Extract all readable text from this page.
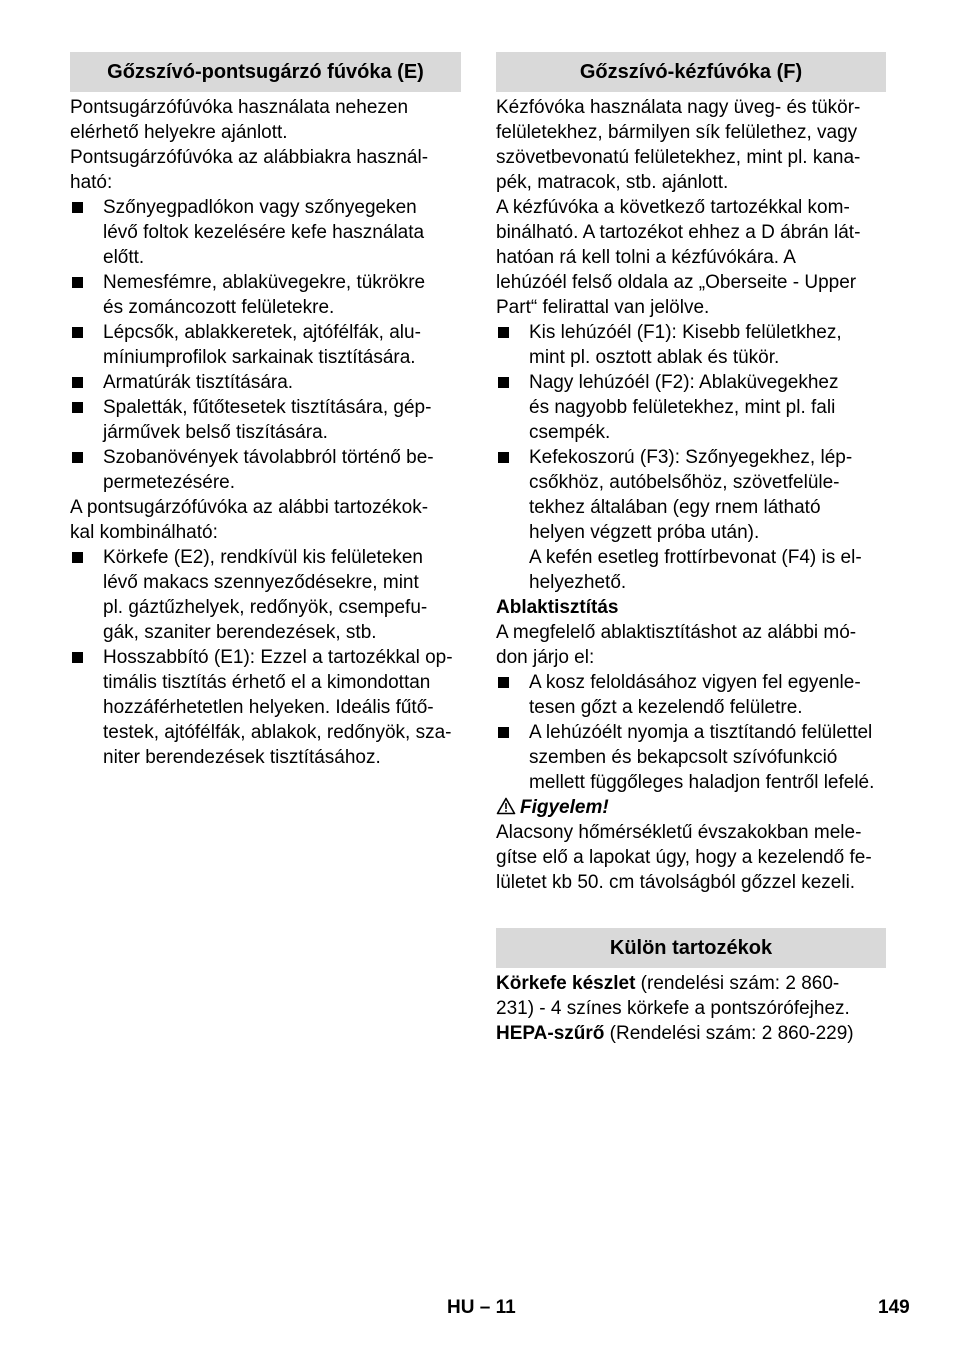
Gőzszívó-pontsugárzó fúvóka (E)
Pontsugárzófúvóka használata nehezen
elérhető helyekre ajánlott.
Pontsugárzófúvóka az alábbiakra használ-
ható:
Szőnyegpadlókon vagy szőnyegeken
lévő foltok kezelésére kefe használata
előtt.
Nemesfémre, ablaküvegekre, tükrökre
és zománcozott felületekre.
Lépcsők, ablakkeretek, ajtófélfák, alu-
míniumprofilok sarkainak tisztítására.
Armatúrák tisztítására.
Spaletták, fűtőtesetek tisztítására, gép-
járművek belső tiszítására.
Szobanövények távolabbról történő be-
permetezésére.
A pontsugárzófúvóka az alábbi tartozékok-
kal kombinálható:
Körkefe (E2), rendkívül kis felületeken
lévő makacs szennyeződésekre, mint
pl. gáztűzhelyek, redőnyök, csempefu-
gák, szaniter berendezések, stb.
Hosszabbító (E1): Ezzel a tartozékkal op-
timális tisztítás érhető el a kimondottan
hozzáférhetetlen helyeken. Ideális fűtő-
testek, ajtófélfák, ablakok, redőnyök, sza-
niter berendezések tisztításához.
Gőzszívó-kézfúvóka (F)
Kézfóvóka használata nagy üveg- és tükör-
felületekhez, bármilyen sík felülethez, vagy
szövetbevonatú felületekhez, mint pl. kana-
pék, matracok, stb. ajánlott.
A kézfúvóka a következő tartozékkal kom-
binálható. A tartozékot ehhez a D ábrán lát-
hatóan rá kell tolni a kézfúvókára. A
lehúzóél felső oldala az „Oberseite - Upper
Part“ felirattal van jelölve.
Kis lehúzóél (F1): Kisebb felületkhez,
mint pl. osztott ablak és tükör.
Nagy lehúzóél (F2): Ablaküvegekhez
és nagyobb felületekhez, mint pl. fali
csempék.
Kefekoszorú (F3): Szőnyegekhez, lép-
csőkhöz, autóbelsőhöz, szövetfelüle-
tekhez általában (egy rnem látható
helyen végzett próba után).
A kefén esetleg frottírbevonat (F4) is el-
helyezhető.
Ablaktisztítás
A megfelelő ablaktisztításhot az alábbi mó-
don járjo el:
A kosz feloldásához vigyen fel egyenle-
tesen gőzt a kezelendő felületre.
A lehúzóélt nyomja a tisztítandó felülettel
szemben és bekapcsolt szívófunkció
mellett függőleges haladjon fentről lefelé.
Figyelem!
Alacsony hőmérsékletű évszakokban mele-
gítse elő a lapokat úgy, hogy a kezelendő fe-
lületet kb 50. cm távolságból gőzzel kezeli.
Külön tartozékok
Körkefe készlet (rendelési szám: 2 860-
231) - 4 színes körkefe a pontszórófejhez.
HEPA-szűrő (Rendelési szám: 2 860-229)
HU – 11	149
